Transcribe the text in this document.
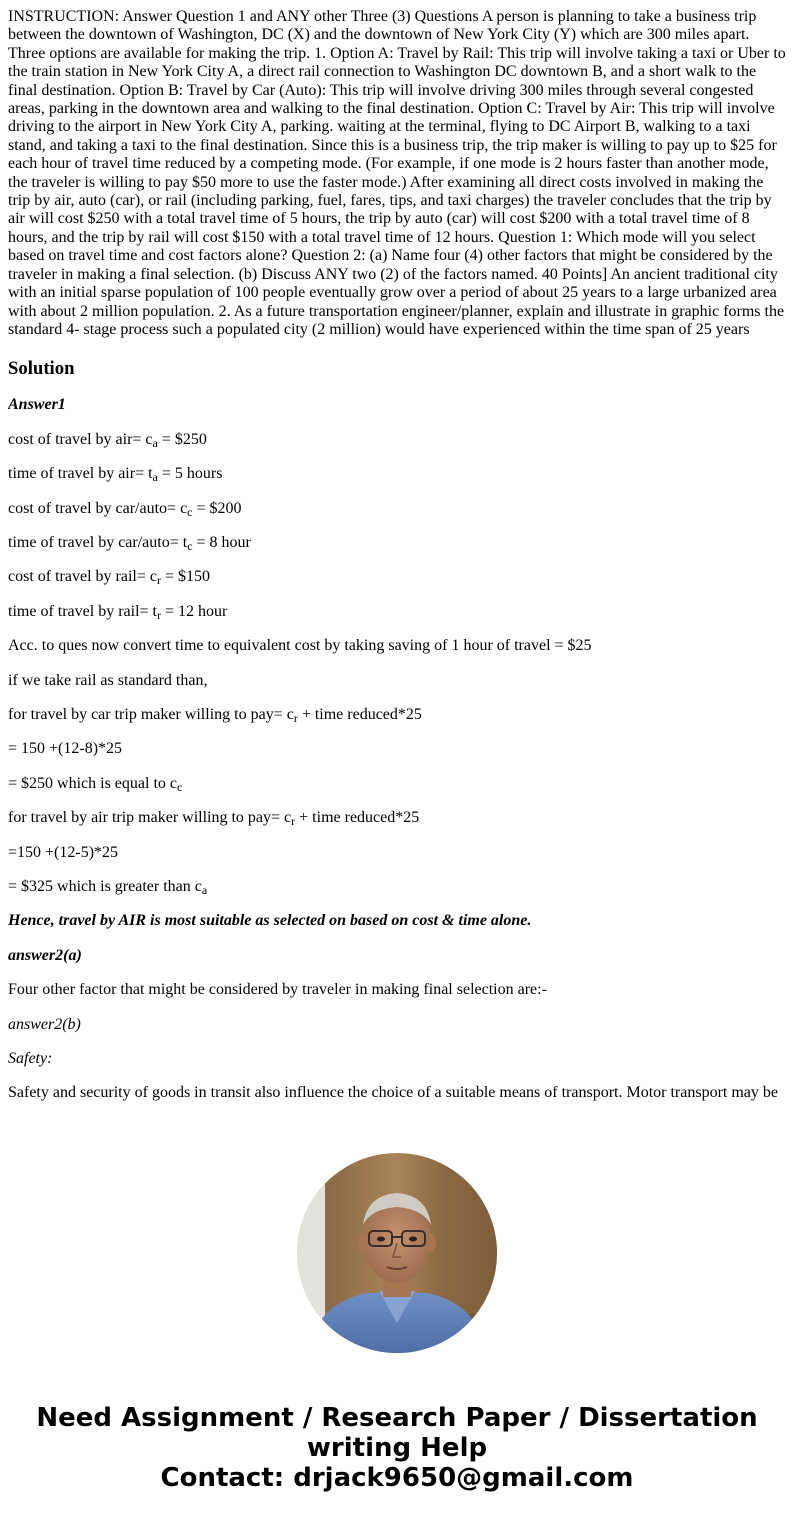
INSTRUCTION: Answer Question 1 and ANY other Three (3) Questions A person is planning to take a business trip between the downtown of Washington, DC (X) and the downtown of New York City (Y) which are 300 miles apart. Three options are available for making the trip. 1. Option A: Travel by Rail: This trip will involve taking a taxi or Uber to the train station in New York City A, a direct rail connection to Washington DC downtown B, and a short walk to the final destination. Option B: Travel by Car (Auto): This trip will involve driving 300 miles through several congested areas, parking in the downtown area and walking to the final destination. Option C: Travel by Air: This trip will involve driving to the airport in New York City A, parking. waiting at the terminal, flying to DC Airport B, walking to a taxi stand, and taking a taxi to the final destination. Since this is a business trip, the trip maker is willing to pay up to $25 for each hour of travel time reduced by a competing mode. (For example, if one mode is 2 hours faster than another mode, the traveler is willing to pay $50 more to use the faster mode.) After examining all direct costs involved in making the trip by air, auto (car), or rail (including parking, fuel, fares, tips, and taxi charges) the traveler concludes that the trip by air will cost $250 with a total travel time of 5 hours, the trip by auto (car) will cost $200 with a total travel time of 8 hours, and the trip by rail will cost $150 with a total travel time of 12 hours. Question 1: Which mode will you select based on travel time and cost factors alone? Question 2: (a) Name four (4) other factors that might be considered by the traveler in making a final selection. (b) Discuss ANY two (2) of the factors named. 40 Points] An ancient traditional city with an initial sparse population of 100 people eventually grow over a period of about 25 years to a large urbanized area with about 2 million population. 2. As a future transportation engineer/planner, explain and illustrate in graphic forms the standard 4- stage process such a populated city (2 million) would have experienced within the time span of 25 years

Solution

Answer1

cost of travel by $air= c_a$ = $250

time of travel by $air= t_a = 5$ hours

cost of travel by car/auto= $c_c$ = $200

time of travel by car/auto= $t_c = 8$ hour

cost of travel by rail= $c_r$ = $150

time of travel by rail= $t_r = 12$ hour

Acc. to ques now convert time to equivalent cost by taking saving of 1 hour of travel = $25

if we take rail as standard than,

for travel by car trip maker willing to $pay= c_r$ + time reduced*25

= 150 +(12-8)*25

= $250 which is equal to $c_c$

for travel by air trip maker willing to $pay= c_r$ + time reduced*25

=150 +(12-5)*25

= $325 which is greater than $c_a$

Hence, travel by AIR is most suitable as selected on based on cost & time alone.

answer2(a)

Four other factor that might be considered by traveler in making final selection are:-

answer2(b)

Safety:

Safety and security of goods in transit also influence the choice of a suitable means of transport. Motor transport may be

Need Assignment / Research Paper / Dissertation
writing Help
Contact: drjack9650@gmail.com
